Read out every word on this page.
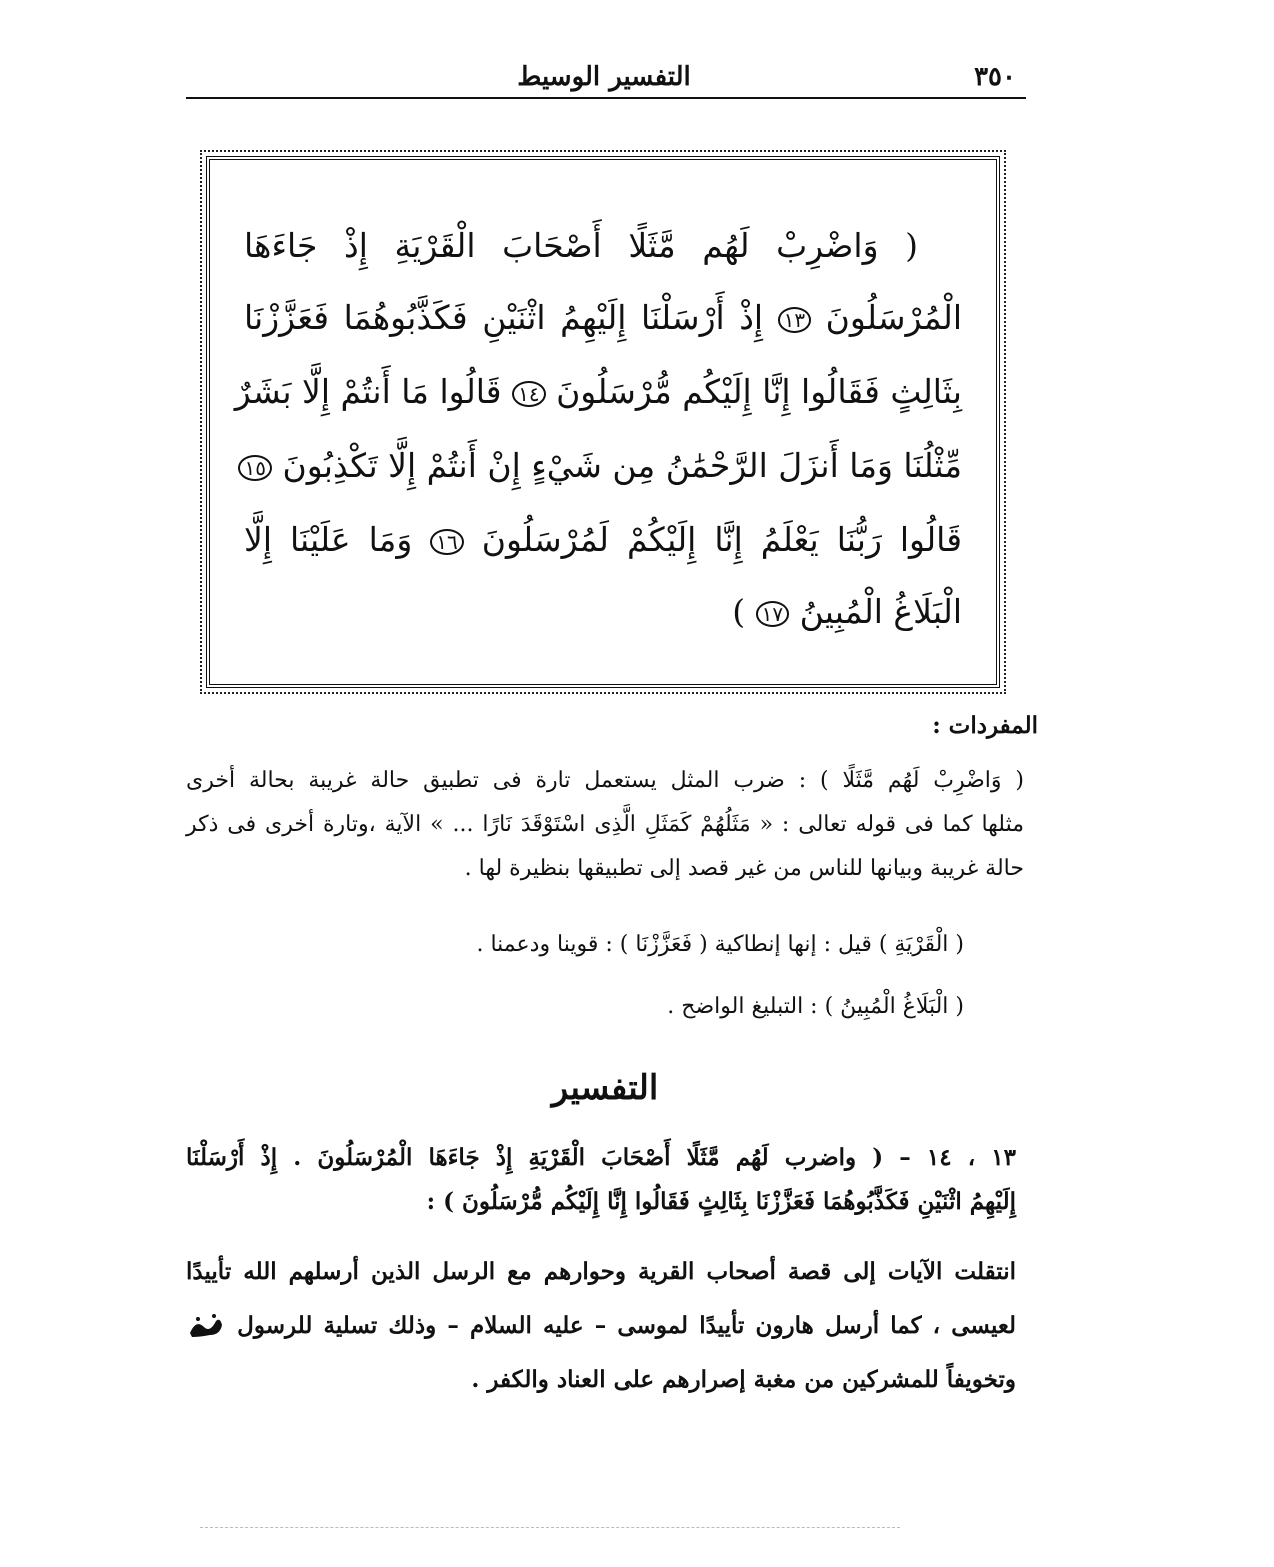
٣٥٠
التفسير الوسيط
( وَاضْرِبْ لَهُم مَّثَلًا أَصْحَابَ الْقَرْيَةِ إِذْ جَاءَهَا
الْمُرْسَلُونَ ١٣ إِذْ أَرْسَلْنَا إِلَيْهِمُ اثْنَيْنِ فَكَذَّبُوهُمَا فَعَزَّزْنَا
بِثَالِثٍ فَقَالُوا إِنَّا إِلَيْكُم مُّرْسَلُونَ ١٤ قَالُوا مَا أَنتُمْ إِلَّا بَشَرٌ
مِّثْلُنَا وَمَا أَنزَلَ الرَّحْمَٰنُ مِن شَيْءٍ إِنْ أَنتُمْ إِلَّا تَكْذِبُونَ ١٥
قَالُوا رَبُّنَا يَعْلَمُ إِنَّا إِلَيْكُمْ لَمُرْسَلُونَ ١٦ وَمَا عَلَيْنَا إِلَّا
الْبَلَاغُ الْمُبِينُ ١٧ )
المفردات :
( وَاضْرِبْ لَهُم مَّثَلًا ) : ضرب المثل يستعمل تارة فى تطبيق حالة غريبة بحالة أخرى
مثلها كما فى قوله تعالى : « مَثَلُهُمْ كَمَثَلِ الَّذِى اسْتَوْقَدَ نَارًا ... » الآية ،وتارة أخرى فى ذكر
حالة غريبة وبيانها للناس من غير قصد إلى تطبيقها بنظيرة لها .
( الْقَرْيَةِ ) قيل : إنها إنطاكية ( فَعَزَّزْنَا ) : قوينا ودعمنا .
( الْبَلَاغُ الْمُبِينُ ) : التبليغ الواضح .
التفسير
١٣ ، ١٤ – ( واضرب لَهُم مَّثَلًا أَصْحَابَ الْقَرْيَةِ إِذْ جَاءَهَا الْمُرْسَلُونَ . إِذْ أَرْسَلْنَا
إِلَيْهِمُ اثْنَيْنِ فَكَذَّبُوهُمَا فَعَزَّزْنَا بِثَالِثٍ فَقَالُوا إِنَّا إِلَيْكُم مُّرْسَلُونَ ) :
انتقلت الآيات إلى قصة أصحاب القرية وحوارهم مع الرسل الذين أرسلهم الله تأييدًا
لعيسى ، كما أرسل هارون تأييدًا لموسى – عليه السلام – وذلك تسلية للرسول
وتخويفاً للمشركين من مغبة إصرارهم على العناد والكفر .
